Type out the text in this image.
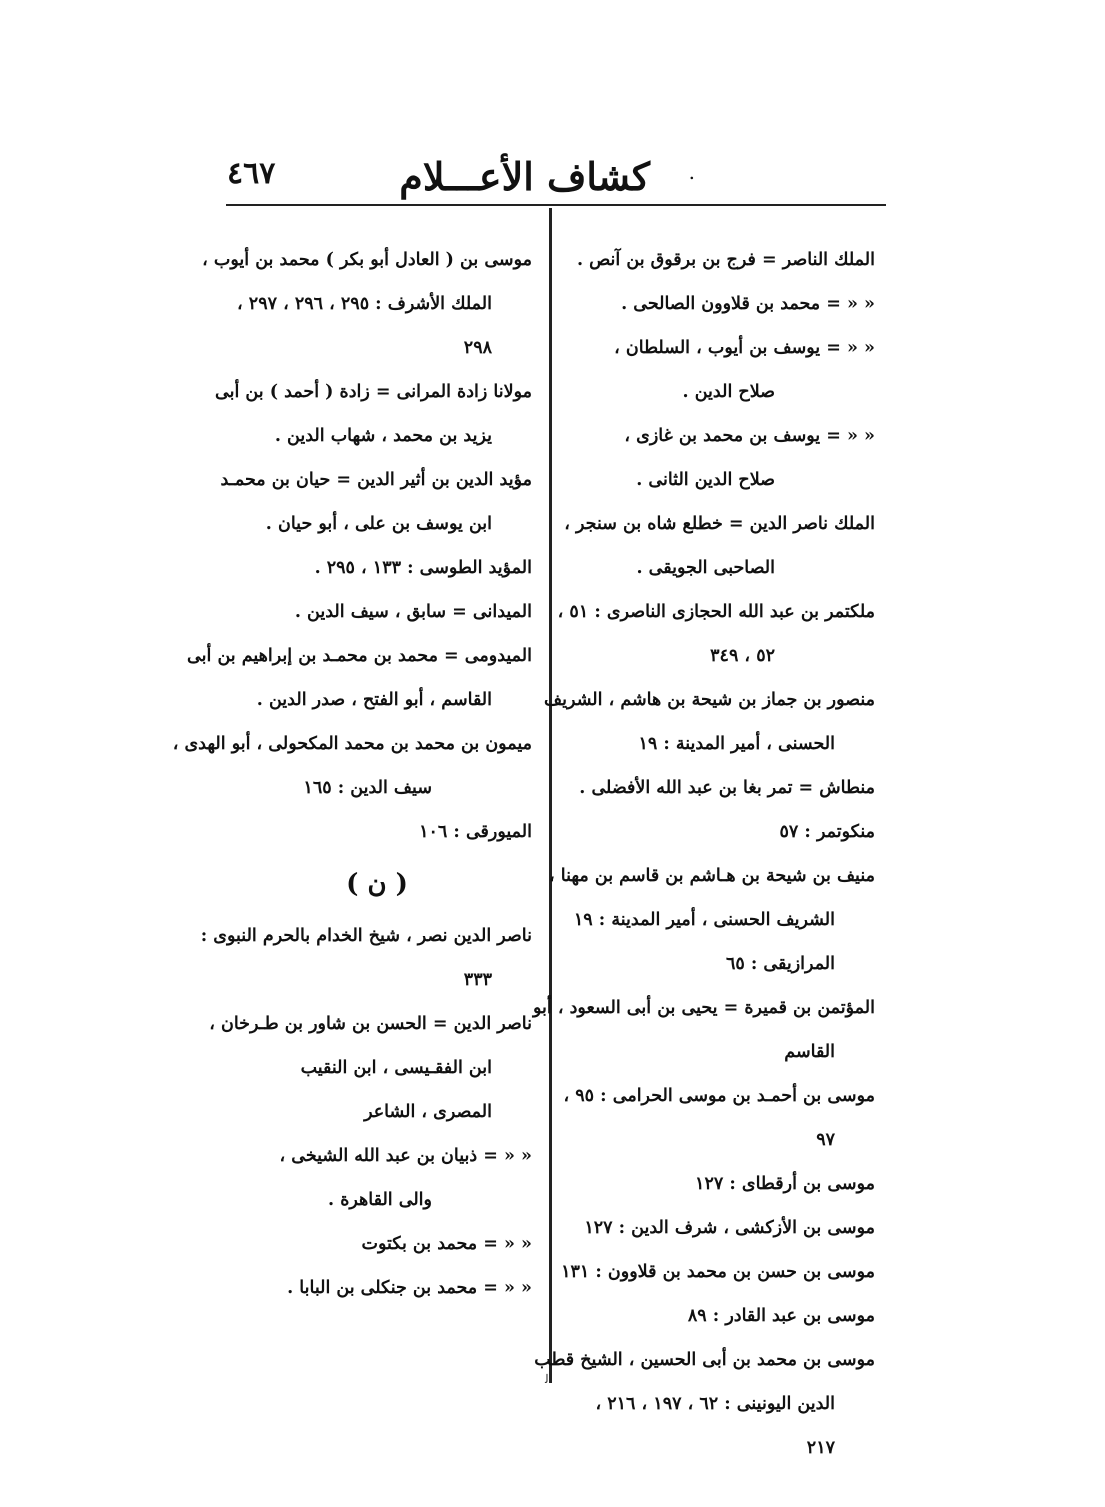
.
كشاف الأعـــلام
٤٦٧
الملك الناصر = فرج بن برقوق بن آنص .
« « = محمد بن قلاوون الصالحى .
« « = يوسف بن أيوب ، السلطان ،
صلاح الدين .
« « = يوسف بن محمد بن غازى ،
صلاح الدين الثانى .
الملك ناصر الدين = خطلع شاه بن سنجر ،
الصاحبى الجويقى .
ملكتمر بن عبد الله الحجازى الناصرى : ٥١ ،
٥٢ ، ٣٤٩
منصور بن جماز بن شيحة بن هاشم ، الشريف
الحسنى ، أمير المدينة : ١٩
منطاش = تمر بغا بن عبد الله الأفضلى .
منكوتمر : ٥٧
منيف بن شيحة بن هـاشم بن قاسم بن مهنا ،
الشريف الحسنى ، أمير المدينة : ١٩
المرازيقى : ٦٥
المؤتمن بن قميرة = يحيى بن أبى السعود ، أبو
القاسم
موسى بن أحمـد بن موسى الحرامى : ٩٥ ،
٩٧
موسى بن أرقطاى : ١٢٧
موسى بن الأزكشى ، شرف الدين : ١٢٧
موسى بن حسن بن محمد بن قلاوون : ١٣١
موسى بن عبد القادر : ٨٩
موسى بن محمد بن أبى الحسين ، الشيخ قطب
الدين اليونينى : ٦٢ ، ١٩٧ ، ٢١٦ ،
٢١٧
موسى بن ( العادل أبو بكر ) محمد بن أيوب ،
الملك الأشرف : ٢٩٥ ، ٢٩٦ ، ٢٩٧ ،
٢٩٨
مولانا زادة المرانى = زادة ( أحمد ) بن أبى
يزيد بن محمد ، شهاب الدين .
مؤيد الدين بن أثير الدين = حيان بن محمـد
ابن يوسف بن على ، أبو حيان .
المؤيد الطوسى : ١٣٣ ، ٢٩٥ .
الميدانى = سابق ، سيف الدين .
الميدومى = محمد بن محمـد بن إبراهيم بن أبى
القاسم ، أبو الفتح ، صدر الدين .
ميمون بن محمد بن محمد المكحولى ، أبو الهدى ،
سيف الدين : ١٦٥
الميورقى : ١٠٦
( ن )
ناصر الدين نصر ، شيخ الخدام بالحرم النبوى :
٣٣٣
ناصر الدين = الحسن بن شاور بن طـرخان ،
ابن الفقـيسى ، ابن النقيب
المصرى ، الشاعر
« « = ذبيان بن عبد الله الشيخى ،
والى القاهرة .
« « = محمد بن بكتوت
« « = محمد بن جنكلى بن البابا .
ﻟ
